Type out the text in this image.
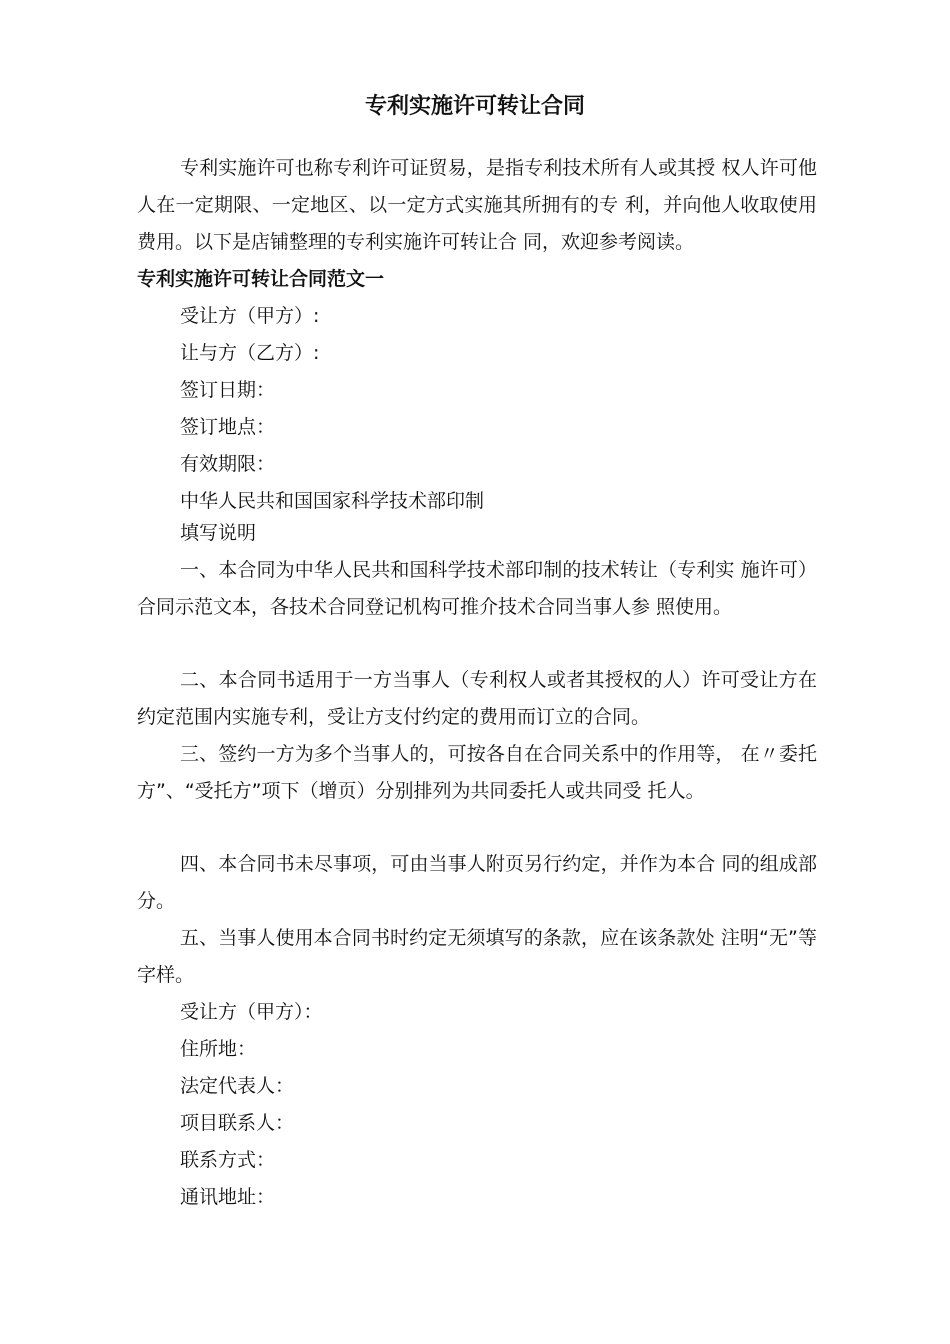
专利实施许可转让合同

专利实施许可也称专利许可证贸易，是指专利技术所有人或其授 权人许可他人在一定期限、一定地区、以一定方式实施其所拥有的专 利，并向他人收取使用费用。以下是店铺整理的专利实施许可转让合 同，欢迎参考阅读。

专利实施许可转让合同范文一

受让方（甲方）:

让与方（乙方）:

签订日期：

签订地点：

有效期限：

中华人民共和国国家科学技术部印制

填写说明

一、本合同为中华人民共和国科学技术部印制的技术转让（专利实 施许可）合同示范文本，各技术合同登记机构可推介技术合同当事人参 照使用。

二、本合同书适用于一方当事人（专利权人或者其授权的人）许可受让方在约定范围内实施专利，受让方支付约定的费用而订立的合同。

三、签约一方为多个当事人的，可按各自在合同关系中的作用等， 在〃委托方”、“受托方”项下（增页）分别排列为共同委托人或共同受 托人。

四、本合同书未尽事项，可由当事人附页另行约定，并作为本合 同的组成部分。

五、当事人使用本合同书时约定无须填写的条款，应在该条款处 注明“无”等字样。

受让方（甲方）：

住所地：

法定代表人：

项目联系人：

联系方式：

通讯地址：
